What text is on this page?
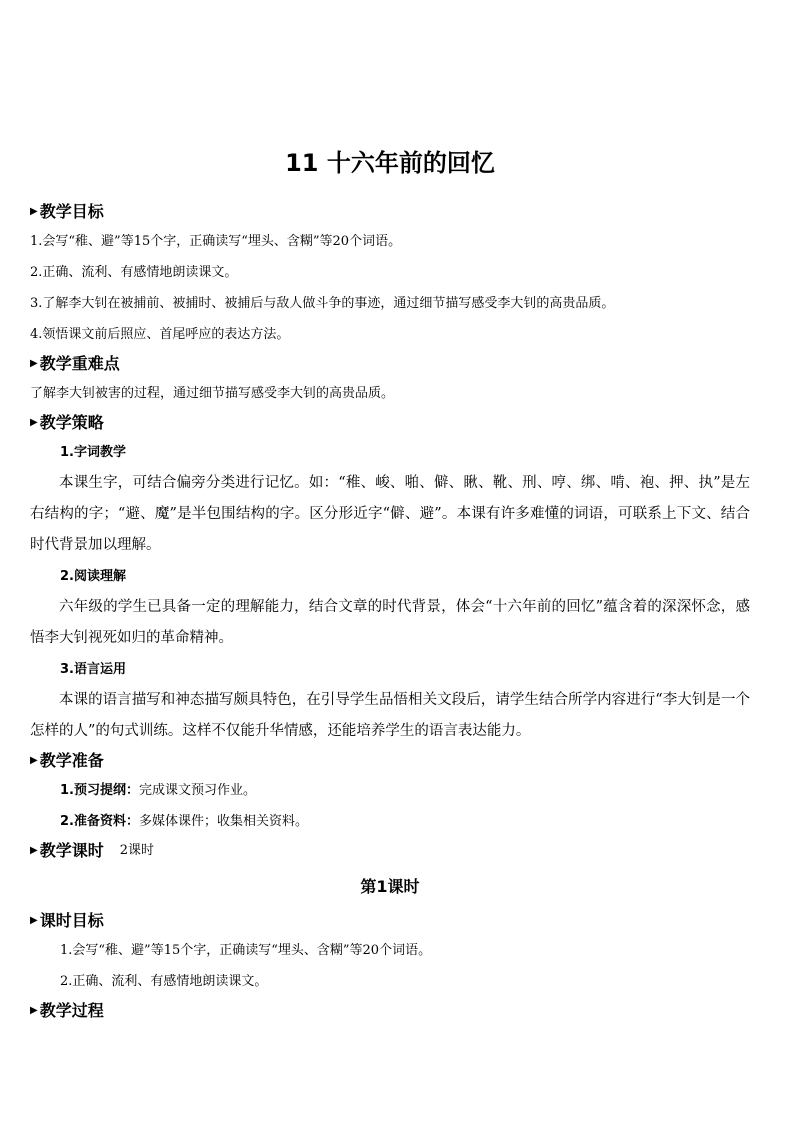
11 十六年前的回忆
▶ 教学目标

1.会写“稚、避”等15个字，正确读写“埋头、含糊”等20个词语。

2.正确、流利、有感情地朗读课文。

3.了解李大钊在被捕前、被捕时、被捕后与敌人做斗争的事迹，通过细节描写感受李大钊的高贵品质。

4.领悟课文前后照应、首尾呼应的表达方法。

▶ 教学重难点

了解李大钊被害的过程，通过细节描写感受李大钊的高贵品质。

▶ 教学策略
1.字词教学

本课生字，可结合偏旁分类进行记忆。如：“稚、峻、啪、僻、瞅、靴、刑、哼、绑、啃、袍、押、执”是左右结构的字；“避、魔”是半包围结构的字。区分形近字“僻、避”。本课有许多难懂的词语，可联系上下文、结合时代背景加以理解。

2.阅读理解

六年级的学生已具备一定的理解能力，结合文章的时代背景，体会“十六年前的回忆”蕴含着的深深怀念，感悟李大钊视死如归的革命精神。

3.语言运用

本课的语言描写和神态描写颇具特色，在引导学生品悟相关文段后，请学生结合所学内容进行“李大钊是一个怎样的人”的句式训练。这样不仅能升华情感，还能培养学生的语言表达能力。

▶ 教学准备

1.预习提纲：完成课文预习作业。

2.准备资料：多媒体课件；收集相关资料。

▶ 教学课时 2课时
第1课时
▶ 课时目标

1.会写“稚、避”等15个字，正确读写“埋头、含糊”等20个词语。

2.正确、流利、有感情地朗读课文。

▶ 教学过程
